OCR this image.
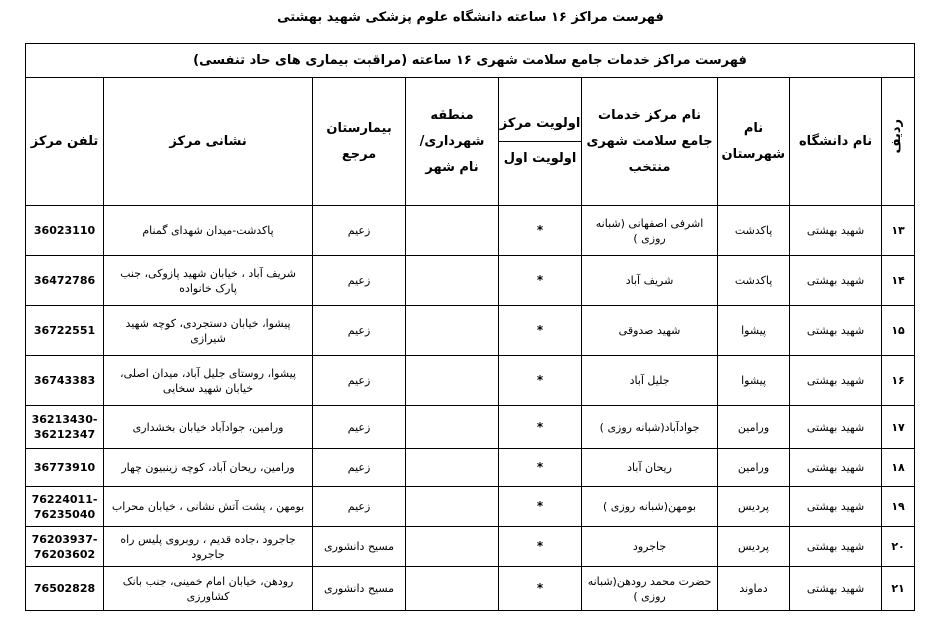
فهرست مراکز ۱۶ ساعته دانشگاه علوم پزشکی شهید بهشتی
فهرست مراکز خدمات جامع سلامت شهری ۱۶ ساعته (مراقبت بیماری های حاد تنفسی)								
ردیف	نام دانشگاه	نام شهرستان	نام مرکز خدمات جامع سلامت شهری منتخب	اولویت مرکز
اولویت اول	منطقه شهرداری/ نام شهر	بیمارستان مرجع	نشانی مرکز	تلفن مرکز
۱۳	شهید بهشتی	پاکدشت	اشرفی اصفهانی (شبانه روزی )	*		زعیم	پاکدشت-میدان شهدای گمنام	36023110
۱۴	شهید بهشتی	پاکدشت	شریف آباد	*		زعیم	شریف آباد ، خیابان شهید پازوکی، جنب پارک خانواده	36472786
۱۵	شهید بهشتی	پیشوا	شهید صدوقی	*		زعیم	پیشوا، خیابان دستجردی، کوچه شهید شیرازی	36722551
۱۶	شهید بهشتی	پیشوا	جلیل آباد	*		زعیم	پیشوا، روستای جلیل آباد، میدان اصلی، خیابان شهید سخایی	36743383
۱۷	شهید بهشتی	ورامین	جوادآباد(شبانه روزی )	*		زعیم	ورامین، جوادآباد خیابان بخشداری	36213430-36212347
۱۸	شهید بهشتی	ورامین	ریحان آباد	*		زعیم	ورامین، ریحان آباد، کوچه زینبیون چهار	36773910
۱۹	شهید بهشتی	پردیس	بومهن(شبانه روزی )	*		زعیم	بومهن ، پشت آتش نشانی ، خیابان محراب	76224011-76235040
۲۰	شهید بهشتی	پردیس	جاجرود	*		مسیح دانشوری	جاجرود ،جاده قدیم ، روبروی پلیس راه جاجرود	76203937-76203602
۲۱	شهید بهشتی	دماوند	حضرت محمد رودهن(شبانه روزی )	*		مسیح دانشوری	رودهن، خیابان امام خمینی، جنب بانک کشاورزی	76502828
